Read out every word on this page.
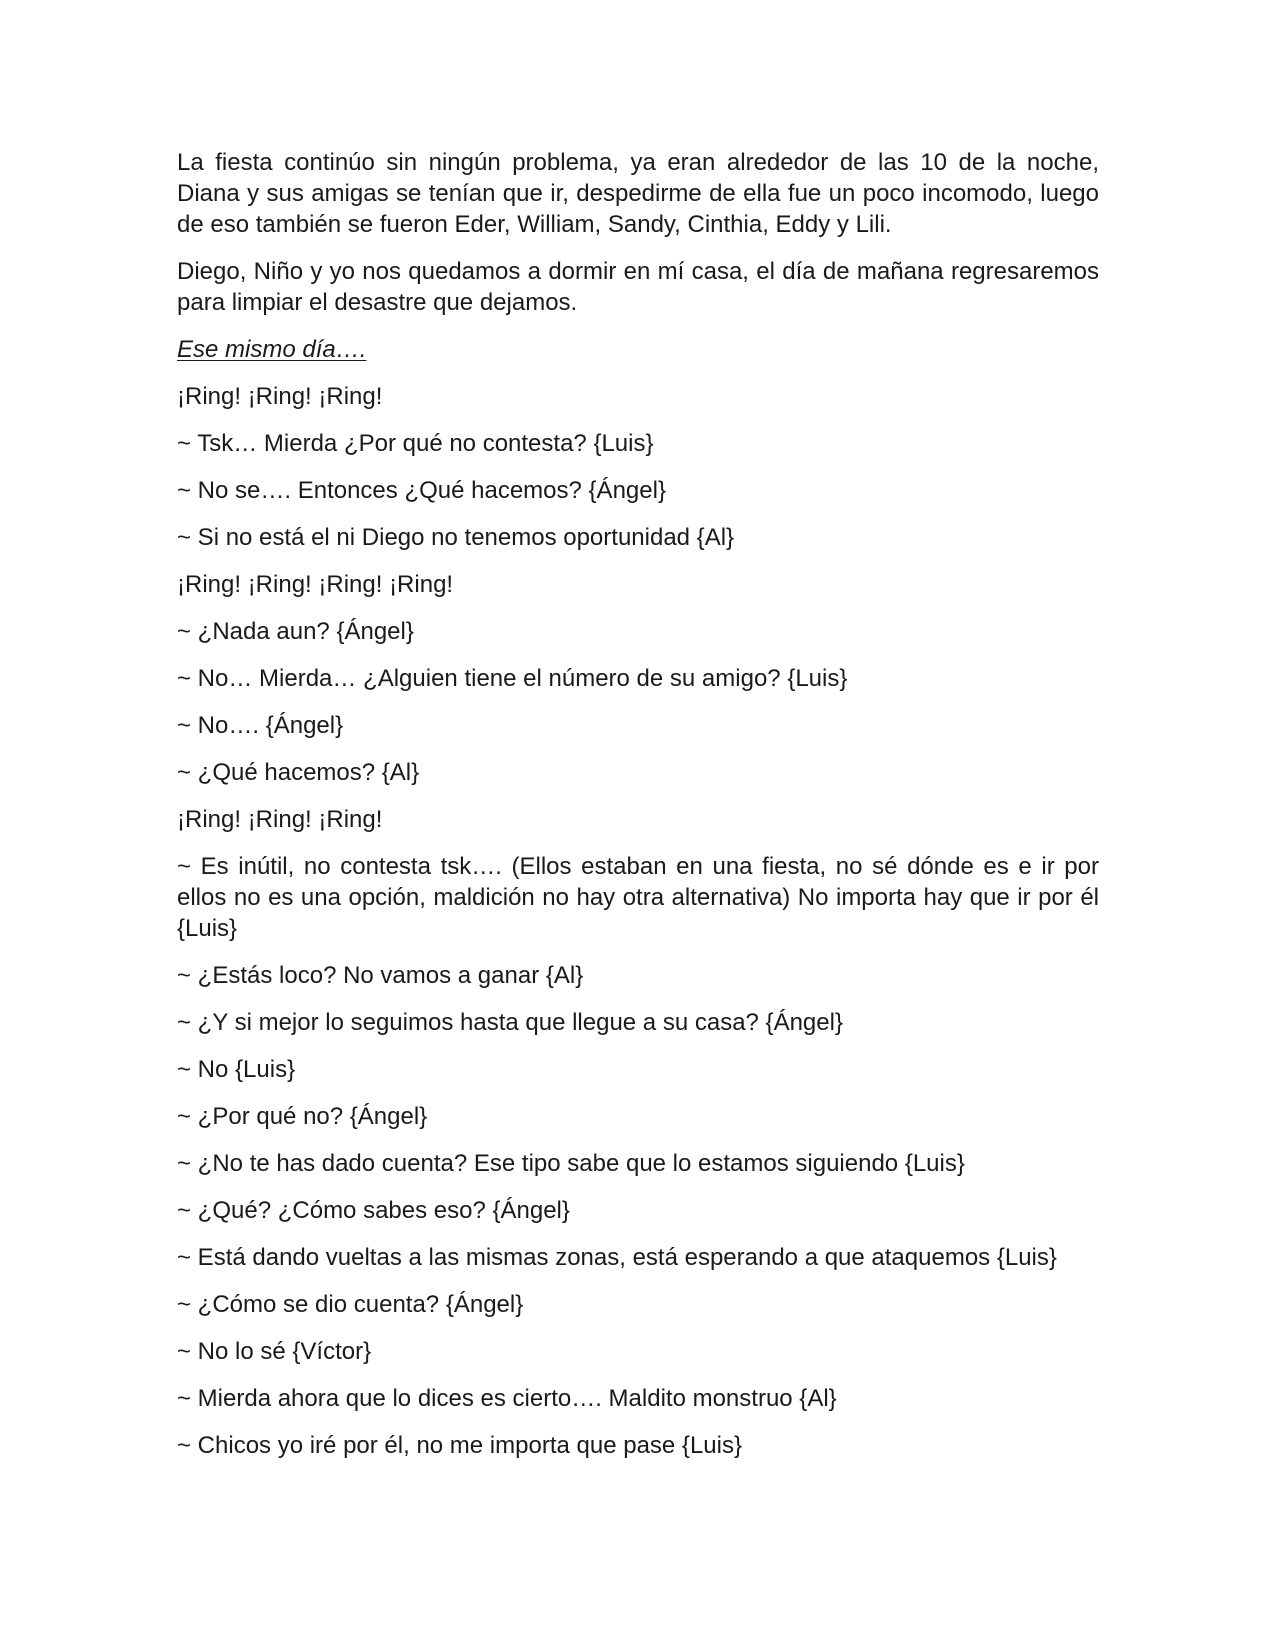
La fiesta continúo sin ningún problema, ya eran alrededor de las 10 de la noche, Diana y sus amigas se tenían que ir, despedirme de ella fue un poco incomodo, luego de eso también se fueron Eder, William, Sandy, Cinthia, Eddy y Lili.

Diego, Niño y yo nos quedamos a dormir en mí casa, el día de mañana regresaremos para limpiar el desastre que dejamos.

Ese mismo día….

¡Ring! ¡Ring! ¡Ring!

~ Tsk… Mierda ¿Por qué no contesta? {Luis}

~ No se…. Entonces ¿Qué hacemos? {Ángel}

~ Si no está el ni Diego no tenemos oportunidad {Al}

¡Ring! ¡Ring! ¡Ring! ¡Ring!

~ ¿Nada aun? {Ángel}

~ No… Mierda… ¿Alguien tiene el número de su amigo? {Luis}

~ No…. {Ángel}

~ ¿Qué hacemos? {Al}

¡Ring! ¡Ring! ¡Ring!

~ Es inútil, no contesta tsk…. (Ellos estaban en una fiesta, no sé dónde es e ir por ellos no es una opción, maldición no hay otra alternativa) No importa hay que ir por él {Luis}

~ ¿Estás loco? No vamos a ganar {Al}

~ ¿Y si mejor lo seguimos hasta que llegue a su casa? {Ángel}

~ No {Luis}

~ ¿Por qué no? {Ángel}

~ ¿No te has dado cuenta? Ese tipo sabe que lo estamos siguiendo {Luis}

~ ¿Qué? ¿Cómo sabes eso? {Ángel}

~ Está dando vueltas a las mismas zonas, está esperando a que ataquemos {Luis}

~ ¿Cómo se dio cuenta? {Ángel}

~ No lo sé {Víctor}

~ Mierda ahora que lo dices es cierto…. Maldito monstruo {Al}

~ Chicos yo iré por él, no me importa que pase {Luis}
